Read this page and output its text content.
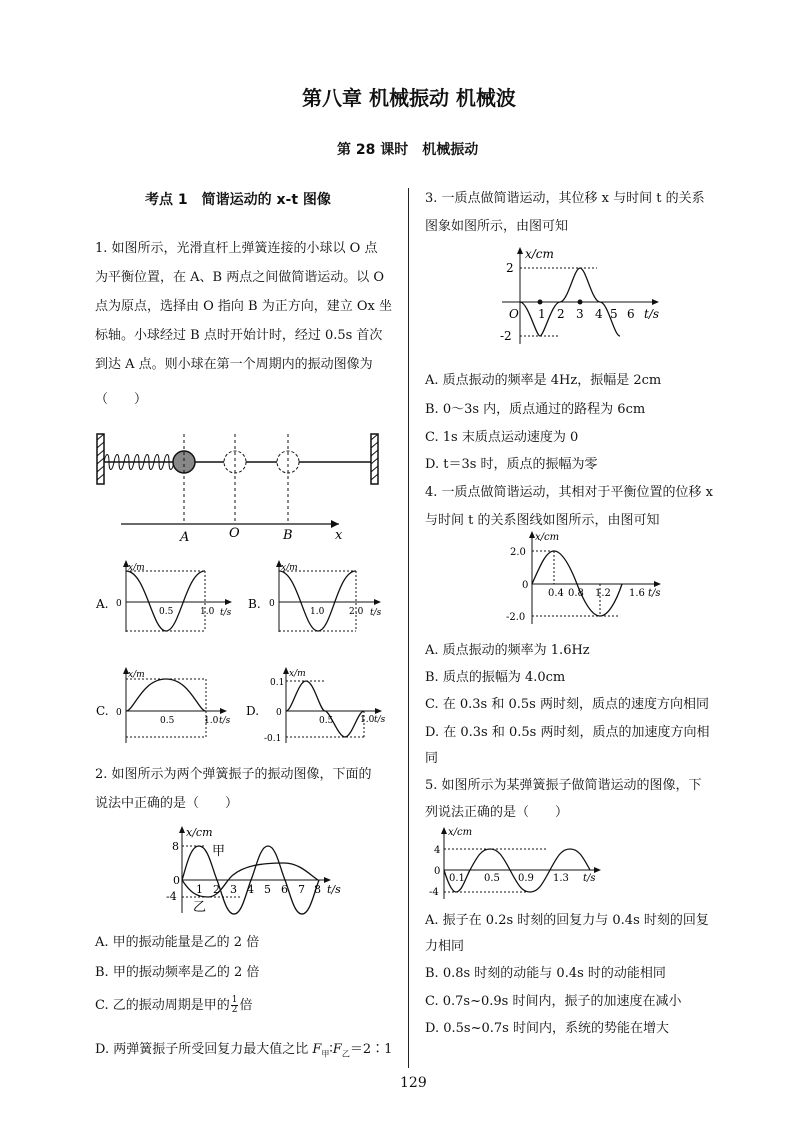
第八章 机械振动 机械波
第 28 课时　机械振动
考点 1　简谐运动的 x-t 图像
1. 如图所示，光滑直杆上弹簧连接的小球以 O 点
为平衡位置，在 A、B 两点之间做简谐运动。以 O
点为原点，选择由 O 指向 B 为正方向，建立 Ox 坐
标轴。小球经过 B 点时开始计时，经过 0.5s 首次
到达 A 点。则小球在第一个周期内的振动图像为
（　　）
A	O	B	x
A.
x/m
0
0.5	1.0 t/s
B.
x/m
0
1.0	2.0 t/s
C.
x/m
0
0.5	1.0 t/s
D.
x/m
0.1
0
-0.1
0.5	1.0 t/s
2. 如图所示为两个弹簧振子的振动图像，下面的
说法中正确的是（　　）
x/cm
8
0
-4
甲
乙
1 2 3 4 5 6 7 8 t/s
A. 甲的振动能量是乙的 2 倍
B. 甲的振动频率是乙的 2 倍
C. 乙的振动周期是甲的 $\frac{1}{2}$ 倍
D. 两弹簧振子所受回复力最大值之比 $F_甲∶F_乙=2∶1$
3. 一质点做简谐运动，其位移 x 与时间 t 的关系
图象如图所示，由图可知
x/cm
2
-2
O 1 2 3 4 5 6 t/s
A. 质点振动的频率是 4Hz，振幅是 2cm
B. 0～3s 内，质点通过的路程为 6cm
C. 1s 末质点运动速度为 0
D. t＝3s 时，质点的振幅为零
4. 一质点做简谐运动，其相对于平衡位置的位移 x
与时间 t 的关系图线如图所示，由图可知
x/cm
2.0
0
-2.0
0.4 0.8 1.2 1.6 t/s
A. 质点振动的频率为 1.6Hz
B. 质点的振幅为 4.0cm
C. 在 0.3s 和 0.5s 两时刻，质点的速度方向相同
D. 在 0.3s 和 0.5s 两时刻，质点的加速度方向相
同
5. 如图所示为某弹簧振子做简谐运动的图像，下
列说法正确的是（　　）
x/cm
4
0
-4
0.1 0.5 0.9 1.3 t/s
A. 振子在 0.2s 时刻的回复力与 0.4s 时刻的回复
力相同
B. 0.8s 时刻的动能与 0.4s 时的动能相同
C. 0.7s~0.9s 时间内，振子的加速度在减小
D. 0.5s~0.7s 时间内，系统的势能在增大
129
